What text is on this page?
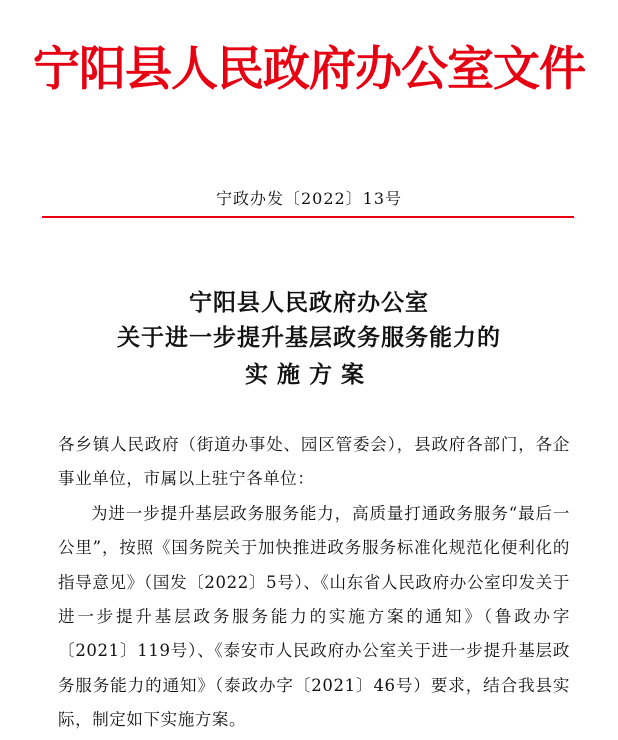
宁阳县人民政府办公室文件
宁政办发〔2022〕13号
宁阳县人民政府办公室
关于进一步提升基层政务服务能力的
实施方案

各乡镇人民政府（街道办事处、园区管委会），县政府各部门，各企事业单位，市属以上驻宁各单位：

为进一步提升基层政务服务能力，高质量打通政务服务“最后一公里”，按照《国务院关于加快推进政务服务标准化规范化便利化的指导意见》（国发〔2022〕5号）、《山东省人民政府办公室印发关于进一步提升基层政务服务能力的实施方案的通知》（鲁政办字〔2021〕119号）、《泰安市人民政府办公室关于进一步提升基层政务服务能力的通知》（泰政办字〔2021〕46号）要求，结合我县实际，制定如下实施方案。
